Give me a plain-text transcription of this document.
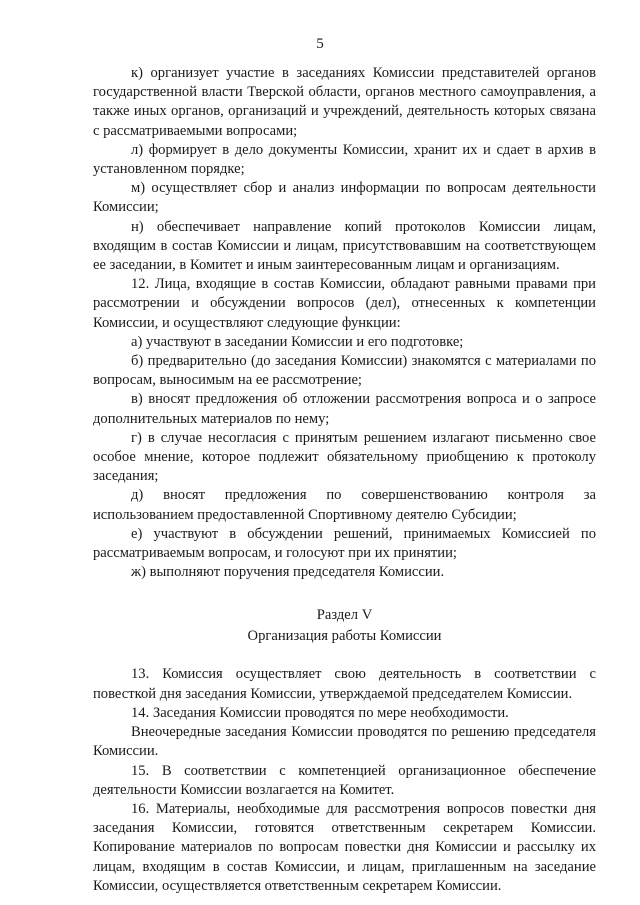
5

к) организует участие в заседаниях Комиссии представителей органов государственной власти Тверской области, органов местного самоуправления, а также иных органов, организаций и учреждений, деятельность которых связана с рассматриваемыми вопросами;

л) формирует в дело документы Комиссии, хранит их и сдает в архив в установленном порядке;

м) осуществляет сбор и анализ информации по вопросам деятельности Комиссии;

н) обеспечивает направление копий протоколов Комиссии лицам, входящим в состав Комиссии и лицам, присутствовавшим на соответствующем ее заседании, в Комитет и иным заинтересованным лицам и организациям.

12. Лица, входящие в состав Комиссии, обладают равными правами при рассмотрении и обсуждении вопросов (дел), отнесенных к компетенции Комиссии, и осуществляют следующие функции:

а) участвуют в заседании Комиссии и его подготовке;

б) предварительно (до заседания Комиссии) знакомятся с материалами по вопросам, выносимым на ее рассмотрение;

в) вносят предложения об отложении рассмотрения вопроса и о запросе дополнительных материалов по нему;

г) в случае несогласия с принятым решением излагают письменно свое особое мнение, которое подлежит обязательному приобщению к протоколу заседания;

д) вносят предложения по совершенствованию контроля за использованием предоставленной Спортивному деятелю Субсидии;

е) участвуют в обсуждении решений, принимаемых Комиссией по рассматриваемым вопросам, и голосуют при их принятии;

ж) выполняют поручения председателя Комиссии.

Раздел V
Организация работы Комиссии

13. Комиссия осуществляет свою деятельность в соответствии с повесткой дня заседания Комиссии, утверждаемой председателем Комиссии.

14. Заседания Комиссии проводятся по мере необходимости.

Внеочередные заседания Комиссии проводятся по решению председателя Комиссии.

15. В соответствии с компетенцией организационное обеспечение деятельности Комиссии возлагается на Комитет.

16. Материалы, необходимые для рассмотрения вопросов повестки дня заседания Комиссии, готовятся ответственным секретарем Комиссии. Копирование материалов по вопросам повестки дня Комиссии и рассылку их лицам, входящим в состав Комиссии, и лицам, приглашенным на заседание Комиссии, осуществляется ответственным секретарем Комиссии.
